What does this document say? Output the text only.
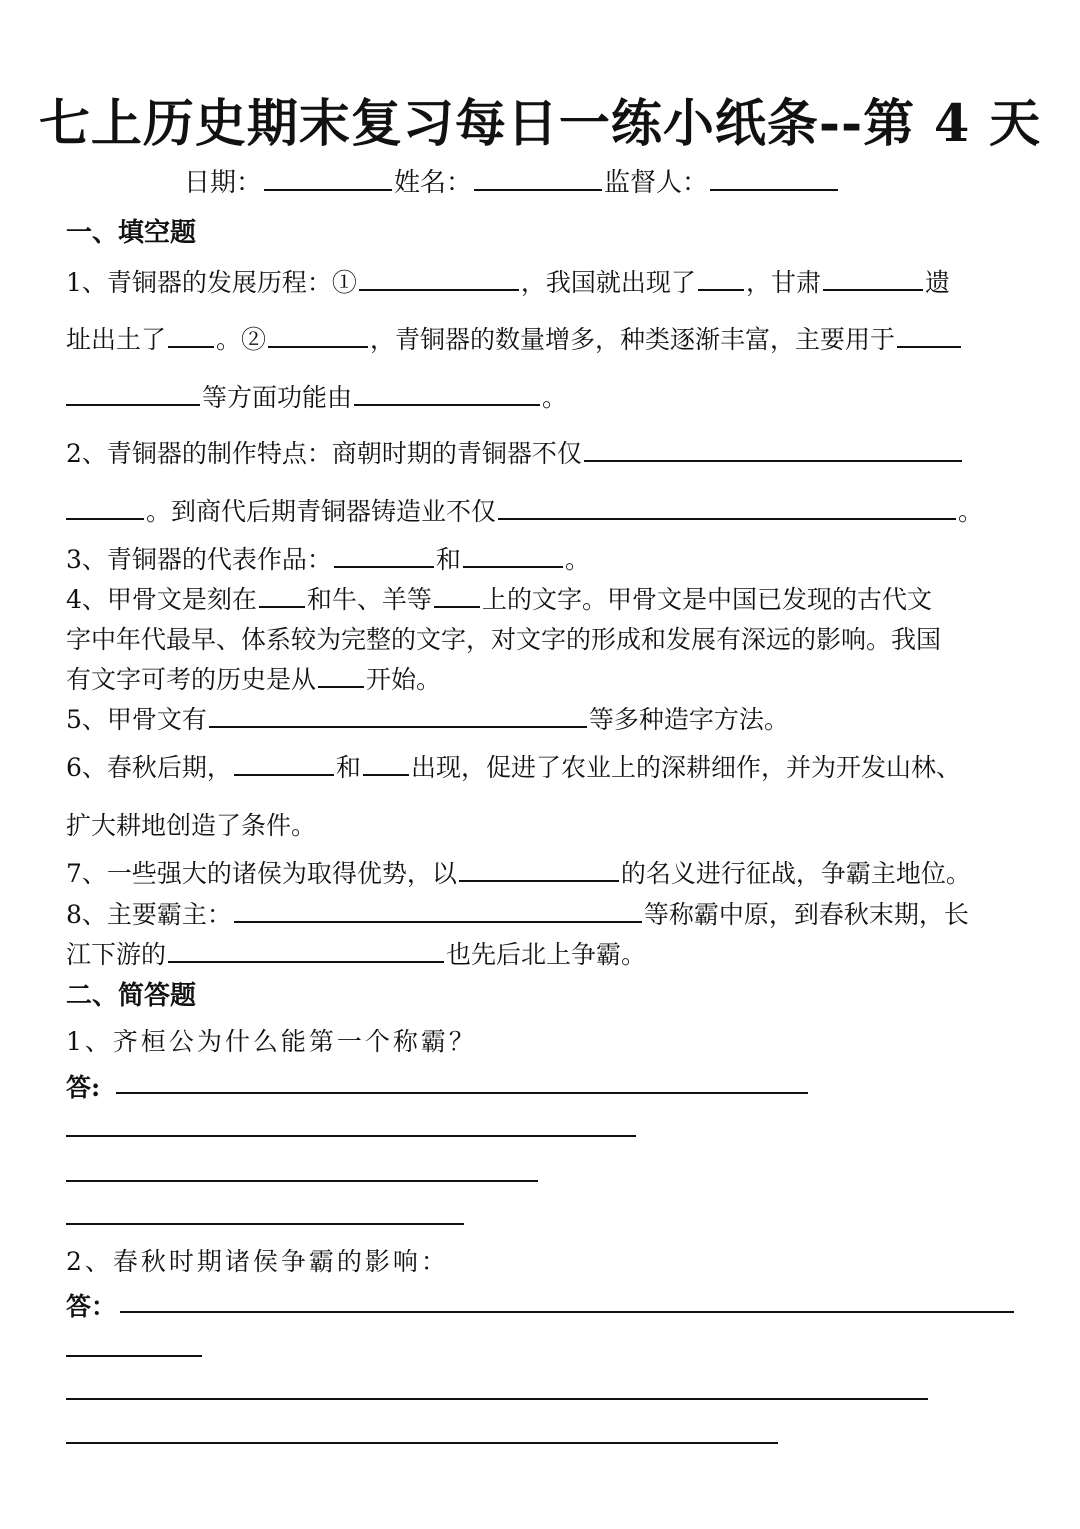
七上历史期末复习每日一练小纸条--第 4 天
日期：	姓名：	监督人：
一、填空题
1、青铜器的发展历程：①	，我国就出现了 ，甘肃	遗
址出土了 。②	，青铜器的数量增多，种类逐渐丰富，主要用于
等方面功能由	。
2、青铜器的制作特点：商朝时期的青铜器不仅
。到商代后期青铜器铸造业不仅	。
3、青铜器的代表作品：	和	。
4、甲骨文是刻在 和牛、羊等 上的文字。甲骨文是中国已发现的古代文
字中年代最早、体系较为完整的文字，对文字的形成和发展有深远的影响。我国
有文字可考的历史是从 开始。
5、甲骨文有	等多种造字方法。
6、春秋后期，	和 出现，促进了农业上的深耕细作，并为开发山林、
扩大耕地创造了条件。
7、一些强大的诸侯为取得优势，以	的名义进行征战，争霸主地位。
8、主要霸主：	等称霸中原，到春秋末期，长
江下游的	也先后北上争霸。
二、简答题
1、齐桓公为什么能第一个称霸？
答:
2、春秋时期诸侯争霸的影响：
答：
